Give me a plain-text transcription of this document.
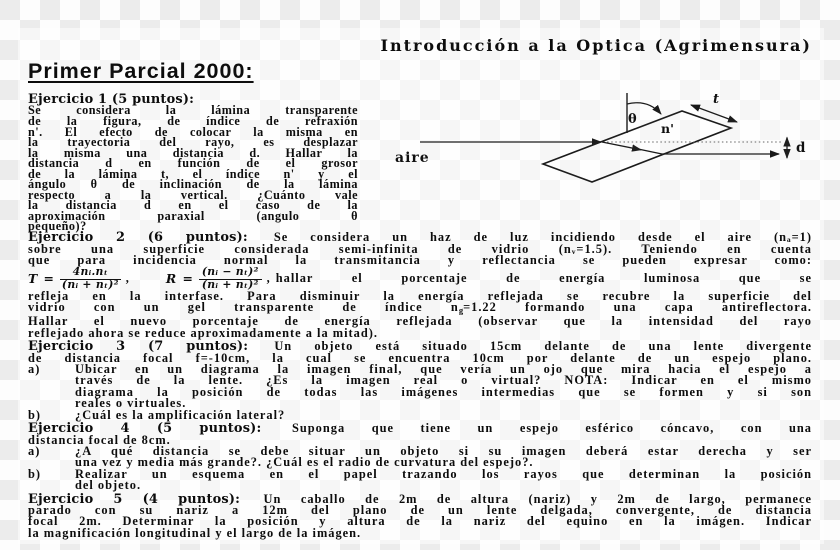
Introducción a la Optica (Agrimensura)
Primer Parcial 2000:
Ejercicio 1 (5 puntos):
Se considera la lámina transparente
de la figura, de índice de refraxión
n'. El efecto de colocar la misma en
la trayectoria del rayo, es desplazar
la misma una distancia d. Hallar la
distancia d en función de el grosor
de la lámina t, el índice n' y el
ángulo θ de inclinación de la lámina
respecto a la vertical. ¿Cuánto vale
la distancia d en el caso de la
aproximación paraxial (angulo θ
pequeño)?
θ
n'
t
d
aire
Ejercicio 2 (6 puntos): Se considera un haz de luz incidiendo desde el aire (nₐ=1)
sobre una superficie considerada semi-infinita de vidrio (nᵥ=1.5). Teniendo en cuenta
que para incidencia normal la transmitancia y reflectancia se pueden expresar como:
$T = \frac{\text{4nᵢ.nₜ}}{\text{(nᵢ + nₜ)²}}$ ,	$R = \frac{\text{(nᵢ − nₜ)²}}{\text{(nᵢ + nₜ)²}}$ , hallar el porcentaje de energía luminosa que se
refleja en la interfase. Para disminuir la energía reflejada se recubre la superficie del
vidrio con un gel transparente de índice ng=1.22 formando una capa antireflectora.
Hallar el nuevo porcentaje de energía reflejada (observar que la intensidad del rayo
reflejado ahora se reduce aproximadamente a la mitad).
Ejercicio 3 (7 puntos): Un objeto está situado 15cm delante de una lente divergente
de distancia focal f=-10cm, la cual se encuentra 10cm por delante de un espejo plano.
a)	Ubicar en un diagrama la imagen final, que vería un ojo que mira hacia el espejo a
través de la lente. ¿Es la imagen real o virtual? NOTA: Indicar en el mismo
diagrama la posición de todas las imágenes intermedias que se formen y si son
reales o virtuales.
b)	¿Cuál es la amplificación lateral?
Ejercicio 4 (5 puntos): Suponga que tiene un espejo esférico cóncavo, con una
distancia focal de 8cm.
a)	¿A qué distancia se debe situar un objeto si su imagen deberá estar derecha y ser
una vez y media más grande?. ¿Cuál es el radio de curvatura del espejo?.
b)	Realizar un esquema en el papel trazando los rayos que determinan la posición
del objeto.
Ejercicio 5 (4 puntos): Un caballo de 2m de altura (nariz) y 2m de largo, permanece
parado con su nariz a 12m del plano de un lente delgada, convergente, de distancia
focal 2m. Determinar la posición y altura de la nariz del equino en la imágen. Indicar
la magnificación longitudinal y el largo de la imágen.
